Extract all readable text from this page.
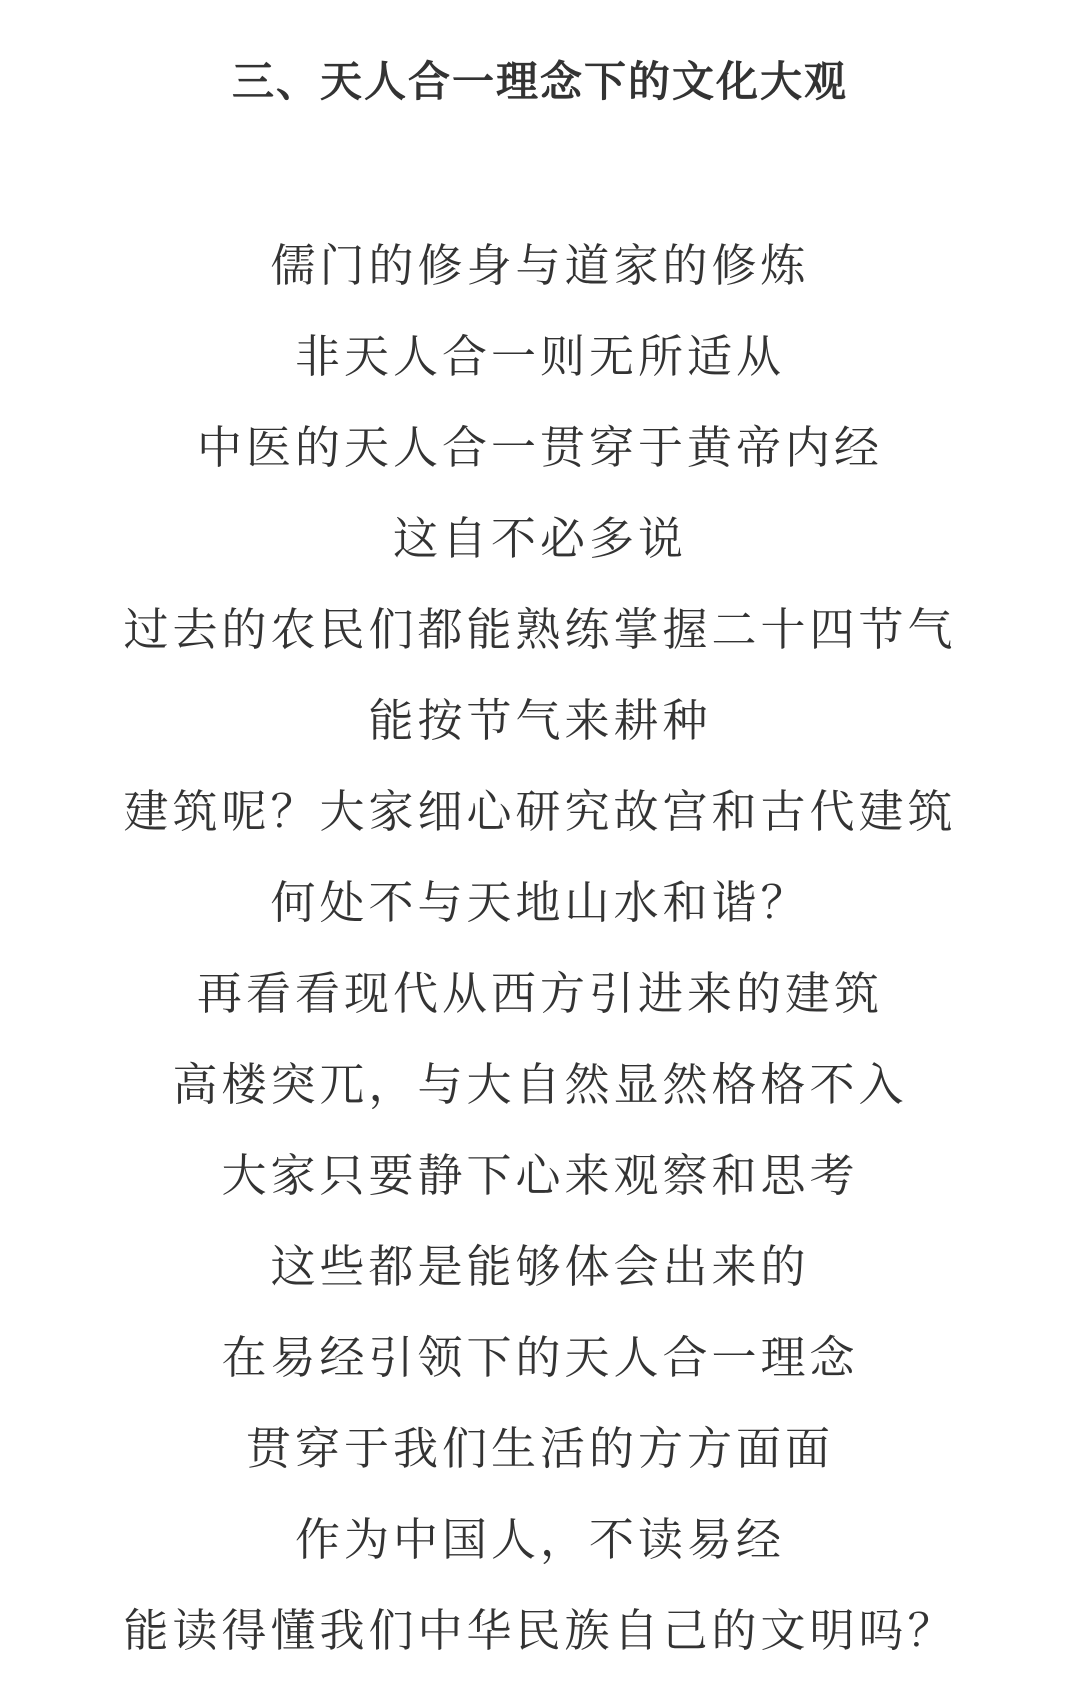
三、天人合一理念下的文化大观

儒门的修身与道家的修炼

非天人合一则无所适从

中医的天人合一贯穿于黄帝内经

这自不必多说

过去的农民们都能熟练掌握二十四节气

能按节气来耕种

建筑呢？大家细心研究故宫和古代建筑

何处不与天地山水和谐？

再看看现代从西方引进来的建筑

高楼突兀，与大自然显然格格不入

大家只要静下心来观察和思考

这些都是能够体会出来的

在易经引领下的天人合一理念

贯穿于我们生活的方方面面

作为中国人，不读易经

能读得懂我们中华民族自己的文明吗？
